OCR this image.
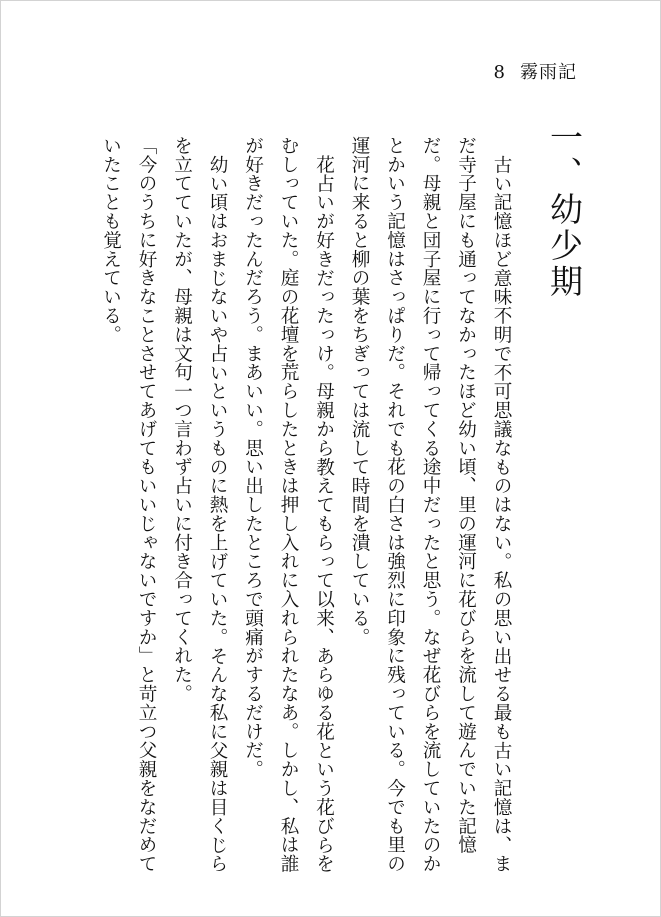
8 霧雨記
一、幼少期

古い記憶ほど意味不明で不可思議なものはない。私の思い出せる最も古い記憶は、まだ寺子屋にも通ってなかったほど幼い頃、里の運河に花びらを流して遊んでいた記憶だ。母親と団子屋に行って帰ってくる途中だったと思う。なぜ花びらを流していたのかとかいう記憶はさっぱりだ。それでも花の白さは強烈に印象に残っている。今でも里の運河に来ると柳の葉をちぎっては流して時間を潰している。

花占いが好きだったっけ。母親から教えてもらって以来、あらゆる花という花びらをむしっていた。庭の花壇を荒らしたときは押し入れに入れられたなあ。しかし、私は誰が好きだったんだろう。まあいい。思い出したところで頭痛がするだけだ。

幼い頃はおまじないや占いというものに熱を上げていた。そんな私に父親は目くじらを立てていたが、母親は文句一つ言わず占いに付き合ってくれた。

「今のうちに好きなことさせてあげてもいいじゃないですか」と苛立つ父親をなだめていたことも覚えている。
